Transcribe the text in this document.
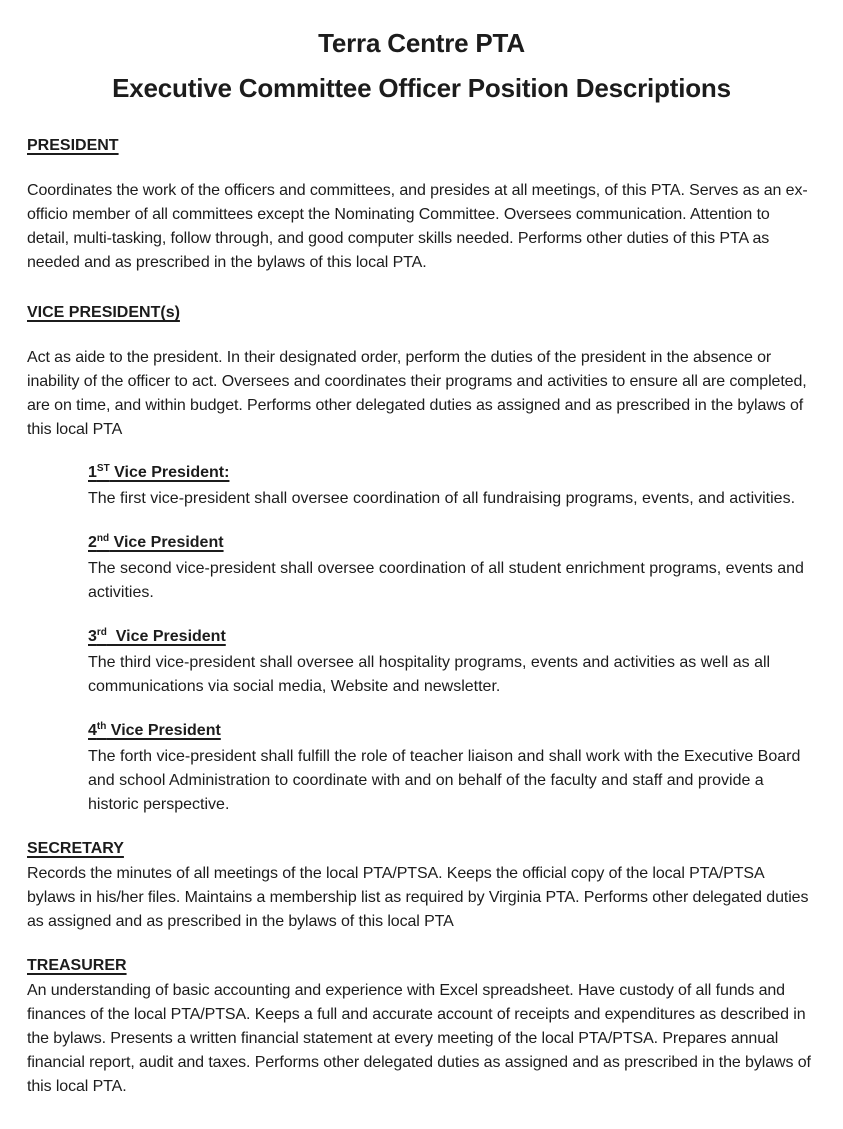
Terra Centre PTA
Executive Committee Officer Position Descriptions
PRESIDENT
Coordinates the work of the officers and committees, and presides at all meetings, of this PTA. Serves as an ex-officio member of all committees except the Nominating Committee. Oversees communication. Attention to detail, multi-tasking, follow through, and good computer skills needed. Performs other duties of this PTA as needed and as prescribed in the bylaws of this local PTA.
VICE PRESIDENT(s)
Act as aide to the president. In their designated order, perform the duties of the president in the absence or inability of the officer to act. Oversees and coordinates their programs and activities to ensure all are completed, are on time, and within budget. Performs other delegated duties as assigned and as prescribed in the bylaws of this local PTA
1ST Vice President:
The first vice-president shall oversee coordination of all fundraising programs, events, and activities.
2nd Vice President
The second vice-president shall oversee coordination of all student enrichment programs, events and activities.
3rd  Vice President
The third vice-president shall oversee all hospitality programs, events and activities as well as all communications via social media, Website and newsletter.
4th Vice President
The forth vice-president shall fulfill the role of teacher liaison and shall work with the Executive Board and school Administration to coordinate with and on behalf of the faculty and staff and provide a historic perspective.
SECRETARY
Records the minutes of all meetings of the local PTA/PTSA. Keeps the official copy of the local PTA/PTSA bylaws in his/her files. Maintains a membership list as required by Virginia PTA. Performs other delegated duties as assigned and as prescribed in the bylaws of this local PTA
TREASURER
An understanding of basic accounting and experience with Excel spreadsheet. Have custody of all funds and finances of the local PTA/PTSA. Keeps a full and accurate account of receipts and expenditures as described in the bylaws. Presents a written financial statement at every meeting of the local PTA/PTSA. Prepares annual financial report, audit and taxes. Performs other delegated duties as assigned and as prescribed in the bylaws of this local PTA.
